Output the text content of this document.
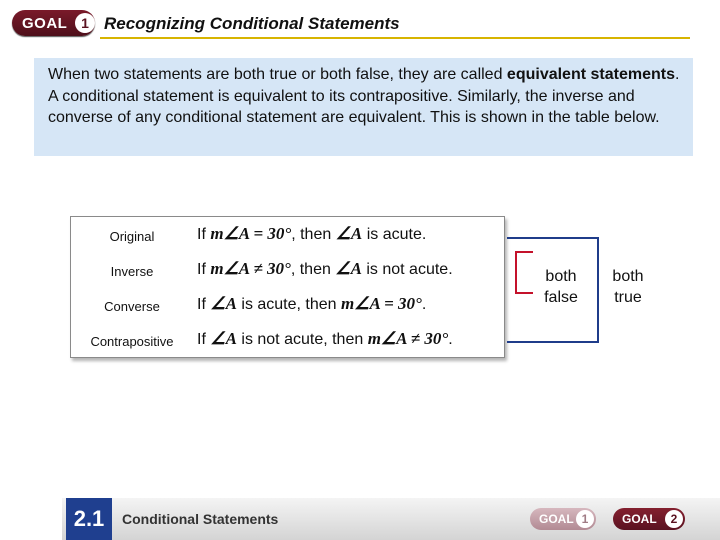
GOAL 1 Recognizing Conditional Statements
When two statements are both true or both false, they are called equivalent statements. A conditional statement is equivalent to its contrapositive. Similarly, the inverse and converse of any conditional statement are equivalent. This is shown in the table below.
Original	If m∠A = 30°, then ∠A is acute.
Inverse	If m∠A ≠ 30°, then ∠A is not acute.
Converse	If ∠A is acute, then m∠A = 30°.
Contrapositive	If ∠A is not acute, then m∠A ≠ 30°.
both false
both true
2.1	Conditional Statements	GOAL 1	GOAL	2
